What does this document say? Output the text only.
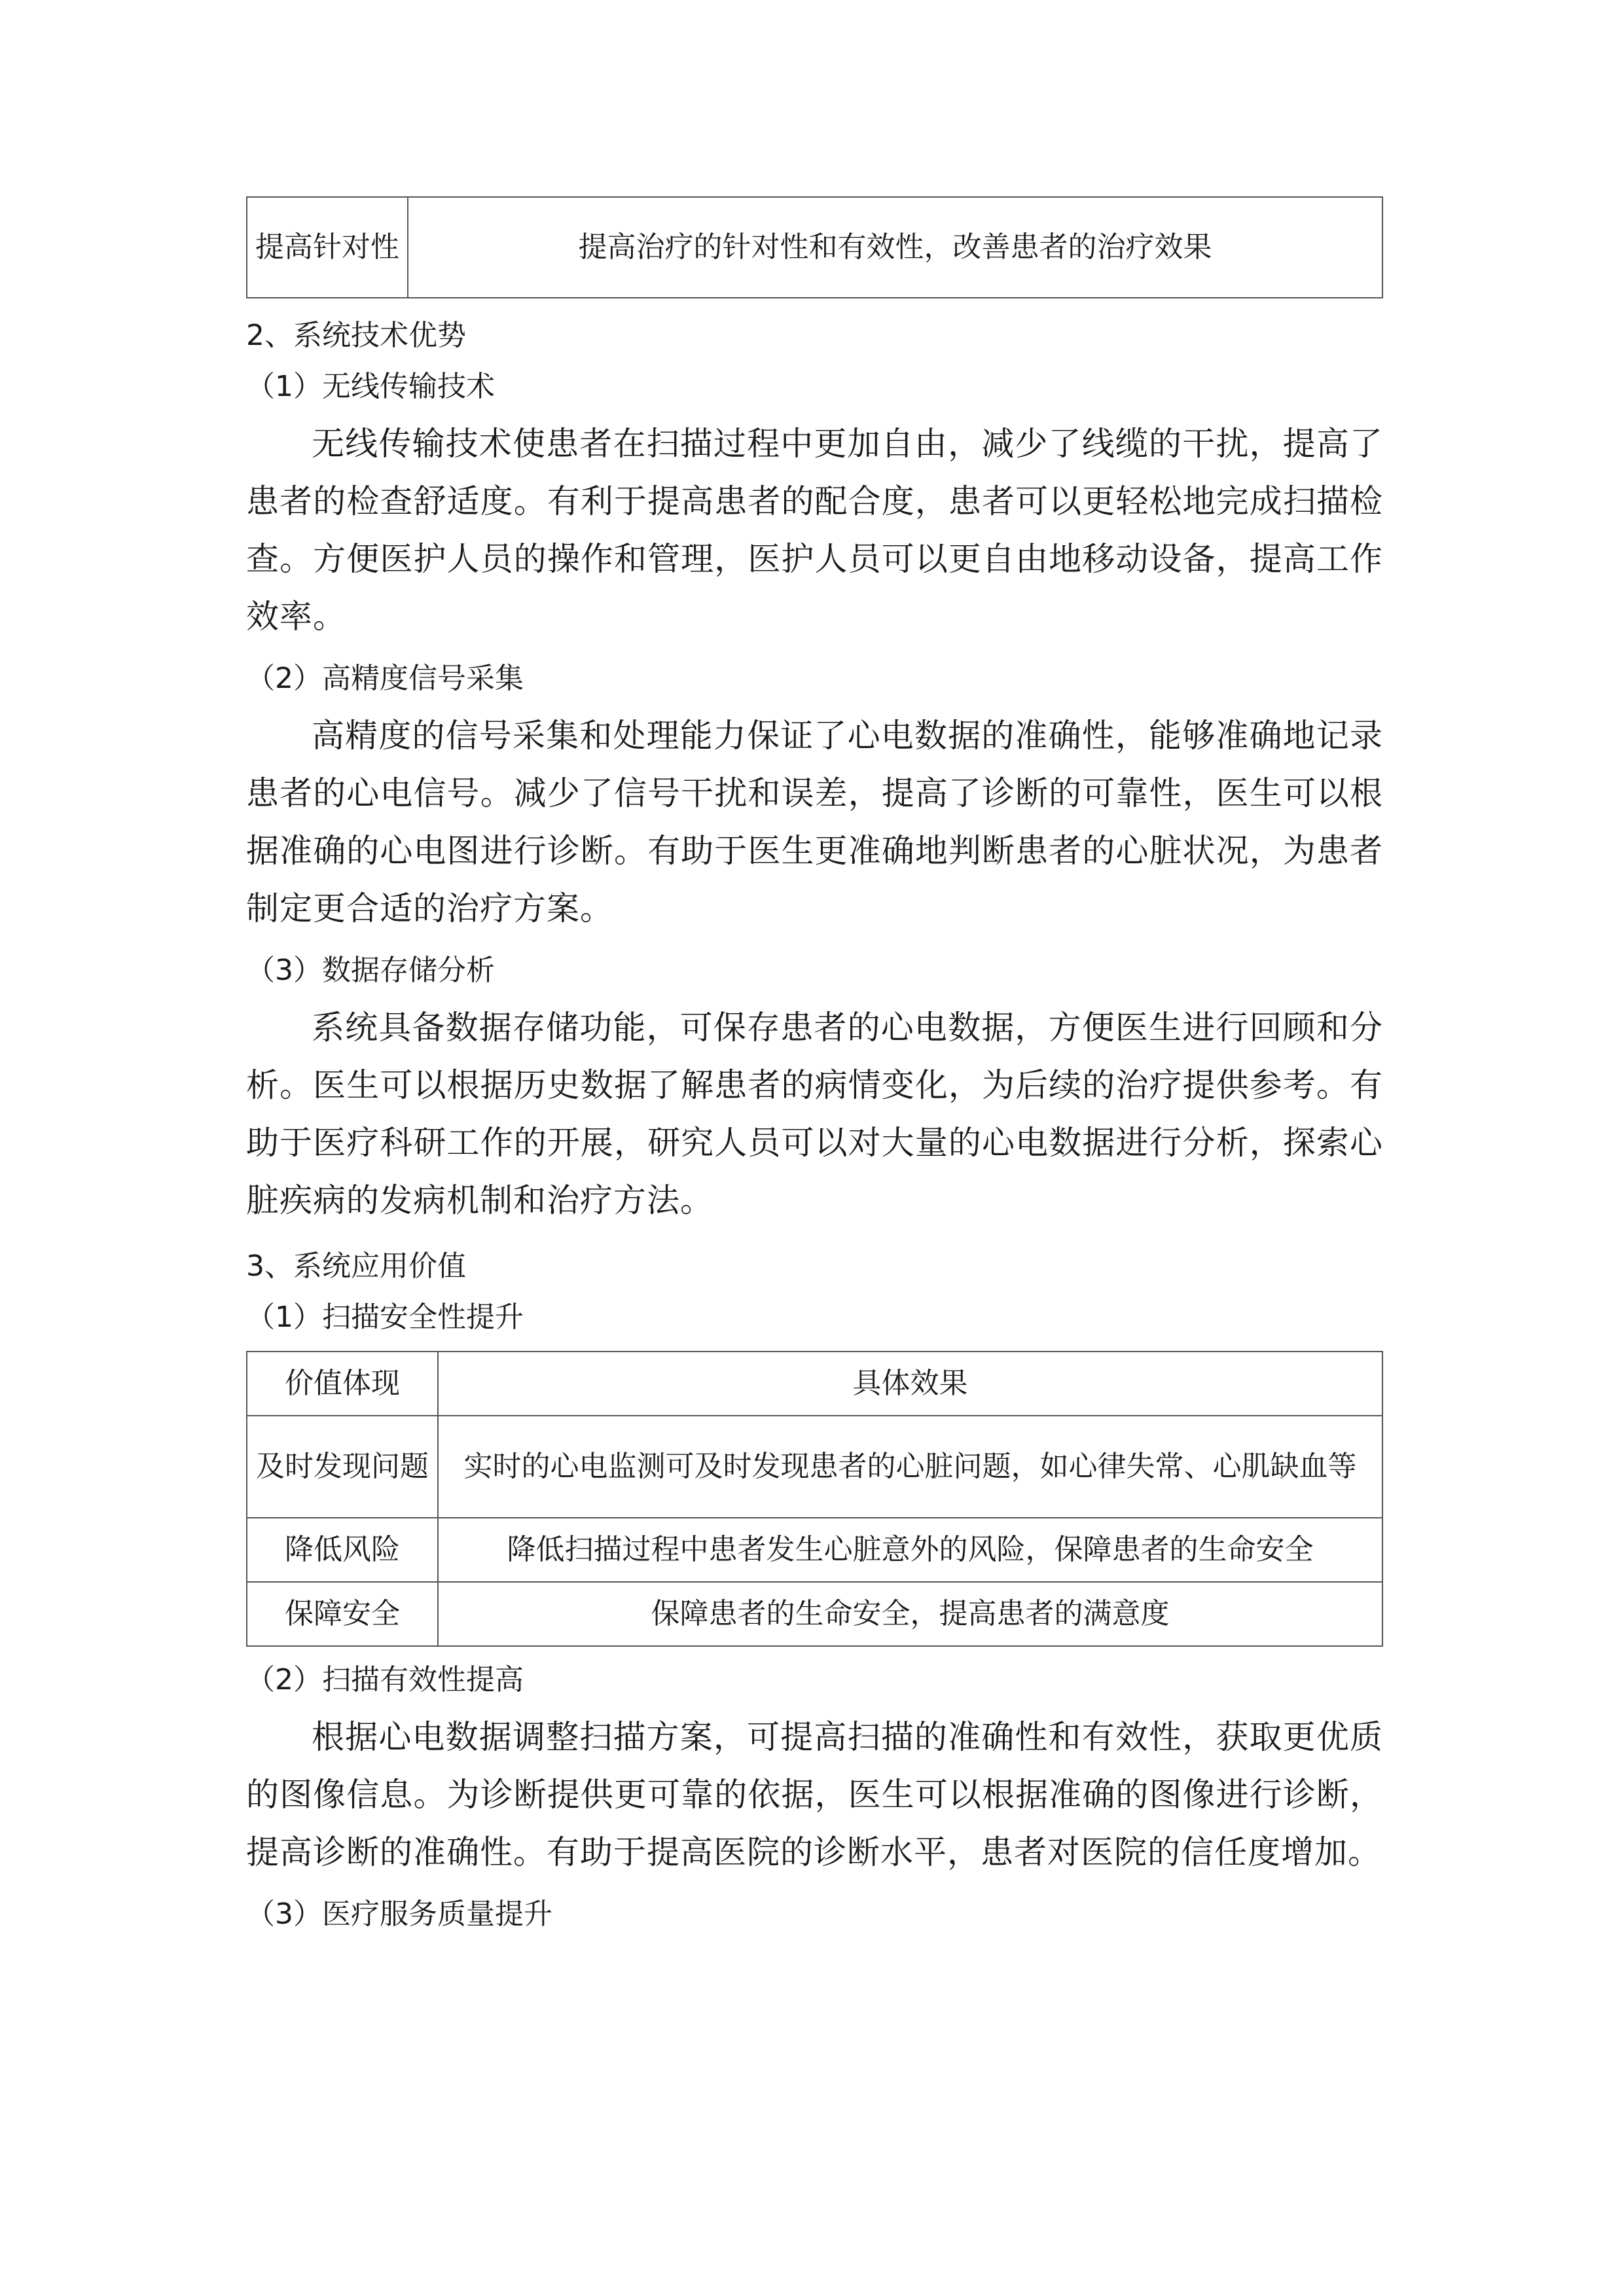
提高针对性	提高治疗的针对性和有效性，改善患者的治疗效果
2、系统技术优势
（1）无线传输技术
无线传输技术使患者在扫描过程中更加自由，减少了线缆的干扰，提高了患者的检查舒适度。有利于提高患者的配合度，患者可以更轻松地完成扫描检查。方便医护人员的操作和管理，医护人员可以更自由地移动设备，提高工作效率。
（2）高精度信号采集
高精度的信号采集和处理能力保证了心电数据的准确性，能够准确地记录患者的心电信号。减少了信号干扰和误差，提高了诊断的可靠性，医生可以根据准确的心电图进行诊断。有助于医生更准确地判断患者的心脏状况，为患者制定更合适的治疗方案。
（3）数据存储分析
系统具备数据存储功能，可保存患者的心电数据，方便医生进行回顾和分析。医生可以根据历史数据了解患者的病情变化，为后续的治疗提供参考。有助于医疗科研工作的开展，研究人员可以对大量的心电数据进行分析，探索心脏疾病的发病机制和治疗方法。
3、系统应用价值
（1）扫描安全性提升
价值体现	具体效果
及时发现问题	实时的心电监测可及时发现患者的心脏问题，如心律失常、心肌缺血等
降低风险	降低扫描过程中患者发生心脏意外的风险，保障患者的生命安全
保障安全	保障患者的生命安全，提高患者的满意度
（2）扫描有效性提高
根据心电数据调整扫描方案，可提高扫描的准确性和有效性，获取更优质的图像信息。为诊断提供更可靠的依据，医生可以根据准确的图像进行诊断，提高诊断的准确性。有助于提高医院的诊断水平，患者对医院的信任度增加。
（3）医疗服务质量提升
